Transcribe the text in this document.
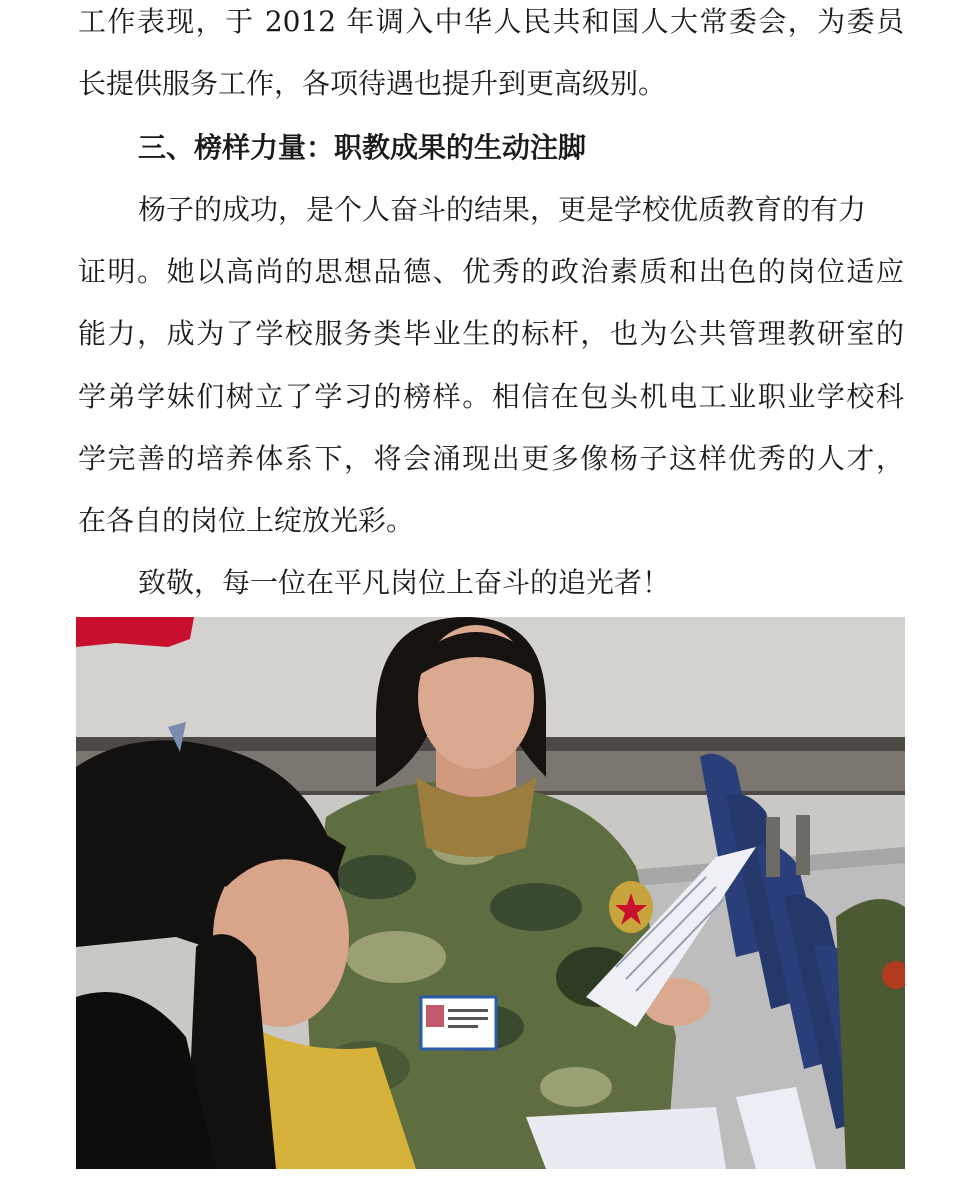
工作表现，于 2012 年调入中华人民共和国人大常委会，为委员
长提供服务工作，各项待遇也提升到更高级别。
三、榜样力量：职教成果的生动注脚
杨子的成功，是个人奋斗的结果，更是学校优质教育的有力
证明。她以高尚的思想品德、优秀的政治素质和出色的岗位适应
能力，成为了学校服务类毕业生的标杆，也为公共管理教研室的
学弟学妹们树立了学习的榜样。相信在包头机电工业职业学校科
学完善的培养体系下，将会涌现出更多像杨子这样优秀的人才，
在各自的岗位上绽放光彩。
致敬，每一位在平凡岗位上奋斗的追光者！
